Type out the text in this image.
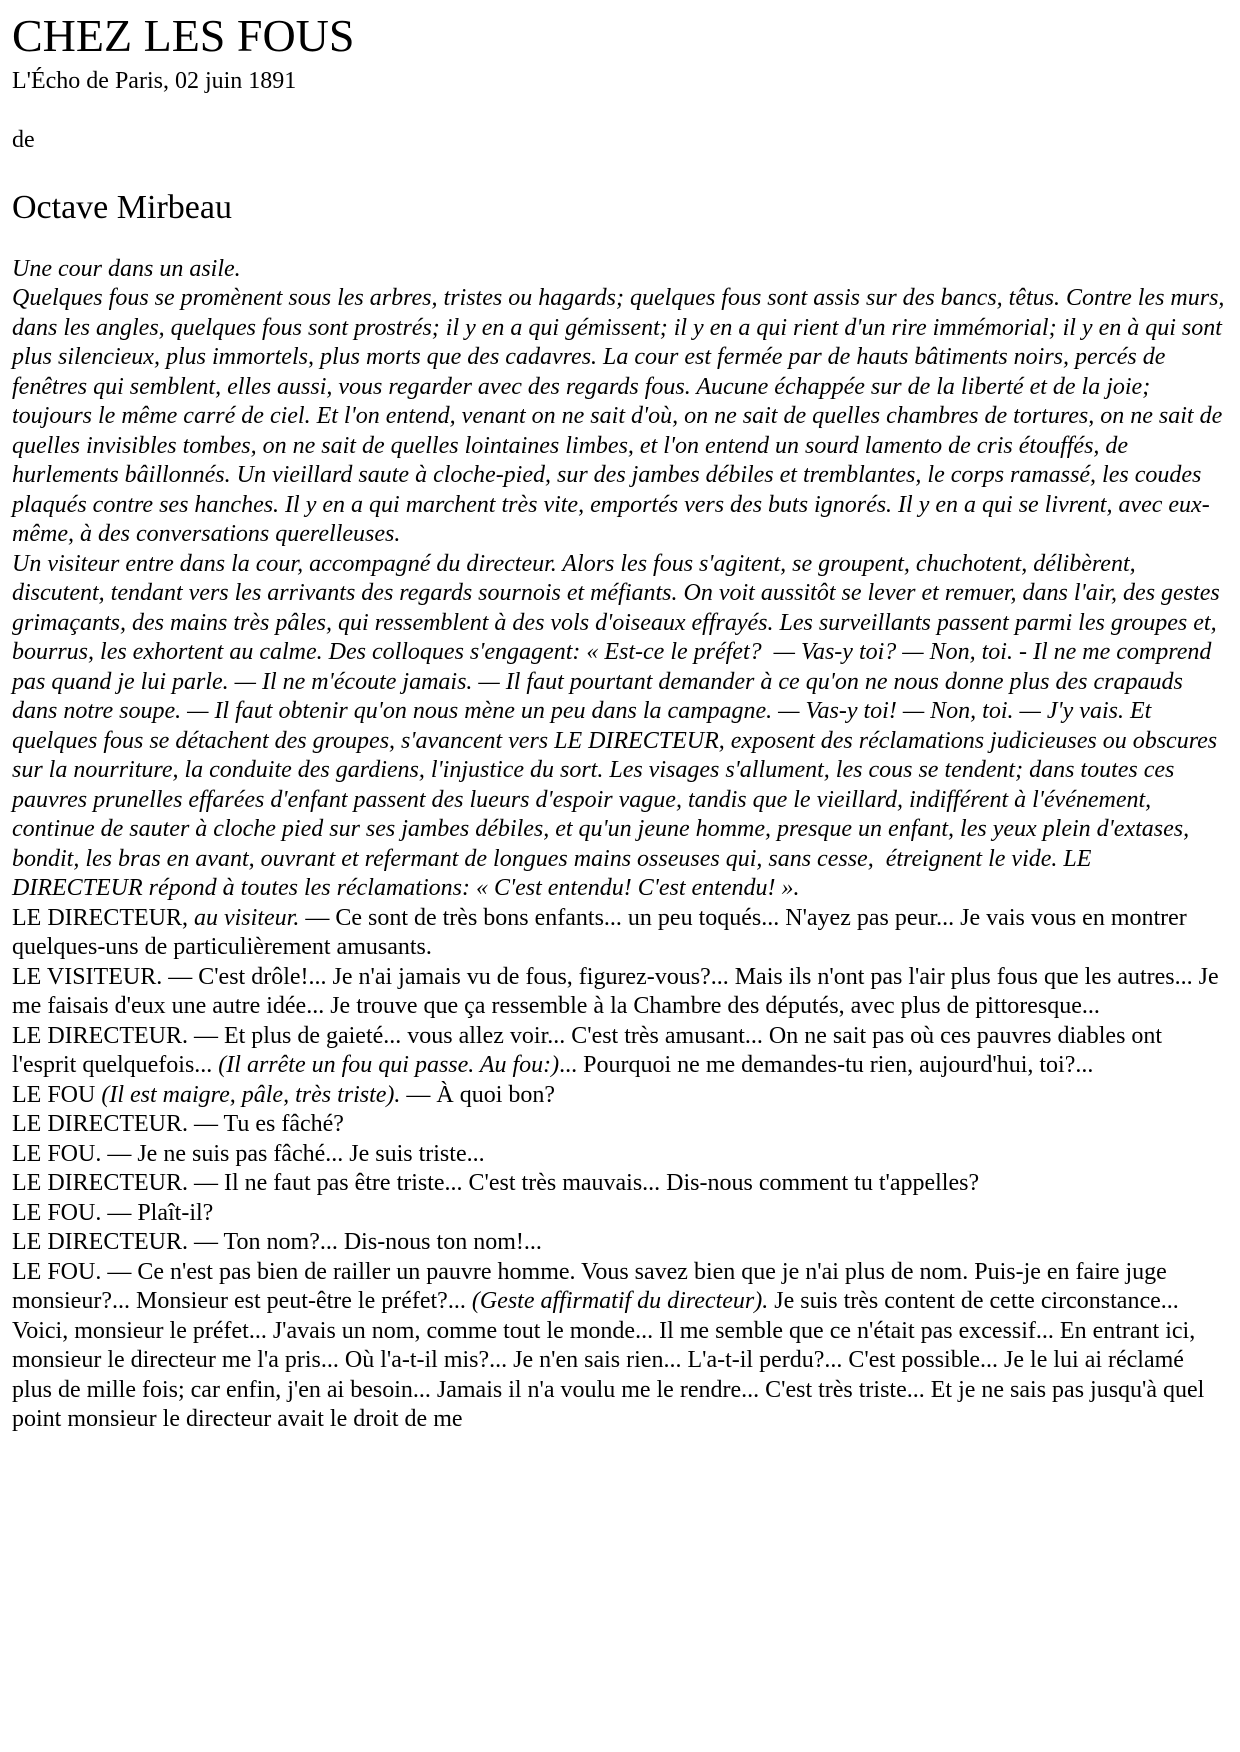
CHEZ LES FOUS

L'Écho de Paris, 02 juin 1891

de

Octave Mirbeau

Une cour dans un asile.

Quelques fous se promènent sous les arbres, tristes ou hagards; quelques fous sont assis sur des bancs, têtus. Contre les murs, dans les angles, quelques fous sont prostrés; il y en a qui gémissent; il y en a qui rient d'un rire immémorial; il y en à qui sont plus silencieux, plus immortels, plus morts que des cadavres. La cour est fermée par de hauts bâtiments noirs, percés de fenêtres qui semblent, elles aussi, vous regarder avec des regards fous. Aucune échappée sur de la liberté et de la joie; toujours le même carré de ciel. Et l'on entend, venant on ne sait d'où, on ne sait de quelles chambres de tortures, on ne sait de quelles invisibles tombes, on ne sait de quelles lointaines limbes, et l'on entend un sourd lamento de cris étouffés, de hurlements bâillonnés. Un vieillard saute à cloche-pied, sur des jambes débiles et tremblantes, le corps ramassé, les coudes plaqués contre ses hanches. Il y en a qui marchent très vite, emportés vers des buts ignorés. Il y en a qui se livrent, avec eux-même, à des conversations querelleuses.

Un visiteur entre dans la cour, accompagné du directeur. Alors les fous s'agitent, se groupent, chuchotent, délibèrent, discutent, tendant vers les arrivants des regards sournois et méfiants. On voit aussitôt se lever et remuer, dans l'air, des gestes grimaçants, des mains très pâles, qui ressemblent à des vols d'oiseaux effrayés. Les surveillants passent parmi les groupes et, bourrus, les exhortent au calme. Des colloques s'engagent: « Est-ce le préfet?  — Vas-y toi? — Non, toi. - Il ne me comprend pas quand je lui parle. — Il ne m'écoute jamais. — Il faut pourtant demander à ce qu'on ne nous donne plus des crapauds dans notre soupe. — Il faut obtenir qu'on nous mène un peu dans la campagne. — Vas-y toi! — Non, toi. — J'y vais. Et quelques fous se détachent des groupes, s'avancent vers LE DIRECTEUR, exposent des réclamations judicieuses ou obscures sur la nourriture, la conduite des gardiens, l'injustice du sort. Les visages s'allument, les cous se tendent; dans toutes ces pauvres prunelles effarées d'enfant passent des lueurs d'espoir vague, tandis que le vieillard, indifférent à l'événement, continue de sauter à cloche pied sur ses jambes débiles, et qu'un jeune homme, presque un enfant, les yeux plein d'extases, bondit, les bras en avant, ouvrant et refermant de longues mains osseuses qui, sans cesse,  étreignent le vide. LE DIRECTEUR répond à toutes les réclamations: « C'est entendu! C'est entendu! ».

LE DIRECTEUR, au visiteur. — Ce sont de très bons enfants... un peu toqués... N'ayez pas peur... Je vais vous en montrer quelques-uns de particulièrement amusants.

LE VISITEUR. — C'est drôle!... Je n'ai jamais vu de fous, figurez-vous?... Mais ils n'ont pas l'air plus fous que les autres... Je me faisais d'eux une autre idée... Je trouve que ça ressemble à la Chambre des députés, avec plus de pittoresque...

LE DIRECTEUR. — Et plus de gaieté... vous allez voir... C'est très amusant... On ne sait pas où ces pauvres diables ont l'esprit quelquefois... (Il arrête un fou qui passe. Au fou:)... Pourquoi ne me demandes-tu rien, aujourd'hui, toi?...

LE FOU (Il est maigre, pâle, très triste). — À quoi bon?

LE DIRECTEUR. — Tu es fâché?

LE FOU. — Je ne suis pas fâché... Je suis triste...

LE DIRECTEUR. — Il ne faut pas être triste... C'est très mauvais... Dis-nous comment tu t'appelles?

LE FOU. — Plaît-il?

LE DIRECTEUR. — Ton nom?... Dis-nous ton nom!...

LE FOU. — Ce n'est pas bien de railler un pauvre homme. Vous savez bien que je n'ai plus de nom. Puis-je en faire juge monsieur?... Monsieur est peut-être le préfet?... (Geste affirmatif du directeur). Je suis très content de cette circonstance... Voici, monsieur le préfet... J'avais un nom, comme tout le monde... Il me semble que ce n'était pas excessif... En entrant ici, monsieur le directeur me l'a pris... Où l'a-t-il mis?... Je n'en sais rien... L'a-t-il perdu?... C'est possible... Je le lui ai réclamé plus de mille fois; car enfin, j'en ai besoin... Jamais il n'a voulu me le rendre... C'est très triste... Et je ne sais pas jusqu'à quel point monsieur le directeur avait le droit de me
